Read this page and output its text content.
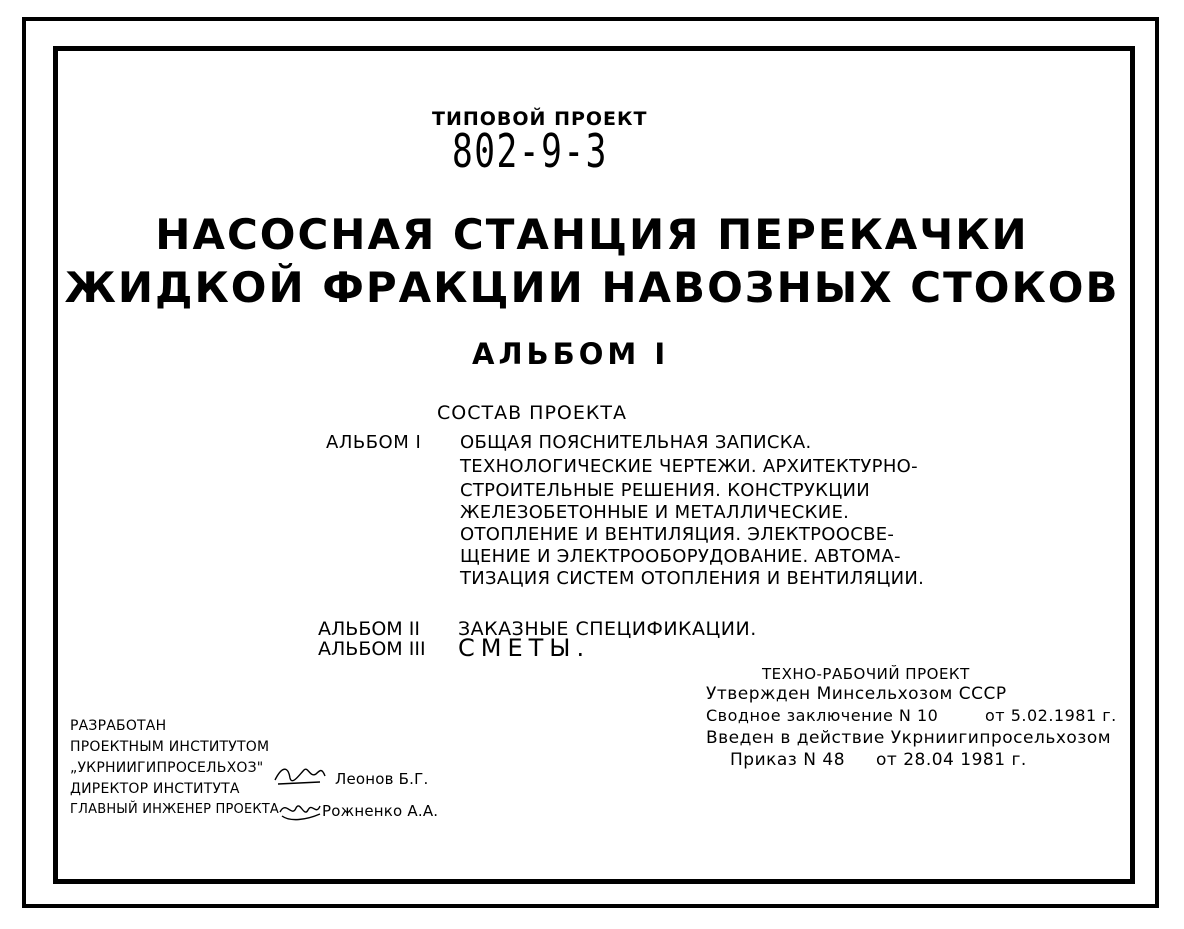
ТИПОВОЙ ПРОЕКТ
802-9-3
НАСОСНАЯ СТАНЦИЯ ПЕРЕКАЧКИ
ЖИДКОЙ ФРАКЦИИ НАВОЗНЫХ СТОКОВ
АЛЬБОМ I
СОСТАВ ПРОЕКТА
АЛЬБОМ I ОБЩАЯ ПОЯСНИТЕЛЬНАЯ ЗАПИСКА.
ТЕХНОЛОГИЧЕСКИЕ ЧЕРТЕЖИ. АРХИТЕКТУРНО-
СТРОИТЕЛЬНЫЕ РЕШЕНИЯ. КОНСТРУКЦИИ
ЖЕЛЕЗОБЕТОННЫЕ И МЕТАЛЛИЧЕСКИЕ.
ОТОПЛЕНИЕ И ВЕНТИЛЯЦИЯ. ЭЛЕКТРООСВЕ-
ЩЕНИЕ И ЭЛЕКТРООБОРУДОВАНИЕ. АВТОМА-
ТИЗАЦИЯ СИСТЕМ ОТОПЛЕНИЯ И ВЕНТИЛЯЦИИ.
АЛЬБОМ II ЗАКАЗНЫЕ СПЕЦИФИКАЦИИ.
АЛЬБОМ III СМЕТЫ.
ТЕХНО-РАБОЧИЙ ПРОЕКТ
Утвержден Минсельхозом СССР
Сводное заключение N 10	от 5.02.1981 г.
Введен в действие Укрниигипросельхозом
Приказ N 48 от 28.04 1981 г.
РАЗРАБОТАН
ПРОЕКТНЫМ ИНСТИТУТОМ
„УКРНИИГИПРОСЕЛЬХОЗ"
ДИРЕКТОР ИНСТИТУТА
ГЛАВНЫЙ ИНЖЕНЕР ПРОЕКТА
Леонов Б.Г.
Рожненко А.А.
